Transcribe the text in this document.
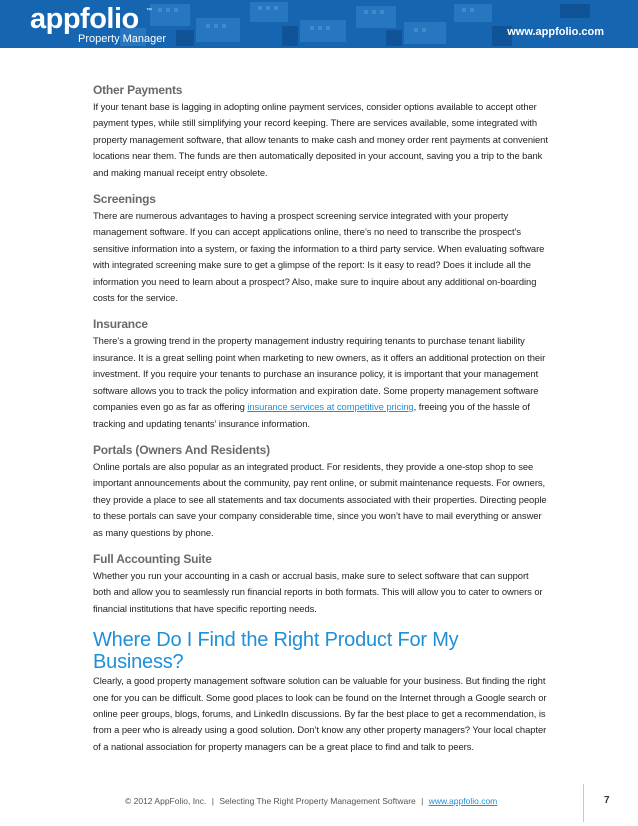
appfolio	™
Property Manager
www.appfolio.com
Other Payments

If your tenant base is lagging in adopting online payment services, consider options available to accept other payment types, while still simplifying your record keeping. There are services available, some integrated with property management software, that allow tenants to make cash and money order rent payments at convenient locations near them. The funds are then automatically deposited in your account, saving you a trip to the bank and making manual receipt entry obsolete.

Screenings

There are numerous advantages to having a prospect screening service integrated with your property management software. If you can accept applications online, there’s no need to transcribe the prospect’s sensitive information into a system, or faxing the information to a third party service. When evaluating software with integrated screening make sure to get a glimpse of the report: Is it easy to read? Does it include all the information you need to learn about a prospect? Also, make sure to inquire about any additional on-boarding costs for the service.

Insurance

There’s a growing trend in the property management industry requiring tenants to purchase tenant liability insurance. It is a great selling point when marketing to new owners, as it offers an additional protection on their investment. If you require your tenants to purchase an insurance policy, it is important that your management software allows you to track the policy information and expiration date. Some property management software companies even go as far as offering insurance services at competitive pricing, freeing you of the hassle of tracking and updating tenants’ insurance information.

Portals (Owners And Residents)

Online portals are also popular as an integrated product. For residents, they provide a one-stop shop to see important announcements about the community, pay rent online, or submit maintenance requests. For owners, they provide a place to see all statements and tax documents associated with their properties. Directing people to these portals can save your company considerable time, since you won’t have to mail everything or answer as many questions by phone.

Full Accounting Suite

Whether you run your accounting in a cash or accrual basis, make sure to select software that can support both and allow you to seamlessly run financial reports in both formats. This will allow you to cater to owners or financial institutions that have specific reporting needs.

Where Do I Find the Right Product For My Business?

Clearly, a good property management software solution can be valuable for your business. But finding the right one for you can be difficult. Some good places to look can be found on the Internet through a Google search or online peer groups, blogs, forums, and LinkedIn discussions. By far the best place to get a recommendation, is from a peer who is already using a good solution. Don’t know any other property managers? Your local chapter of a national association for property managers can be a great place to find and talk to peers.

© 2012 AppFolio, Inc. | Selecting The Right Property Management Software | www.appfolio.com	7
